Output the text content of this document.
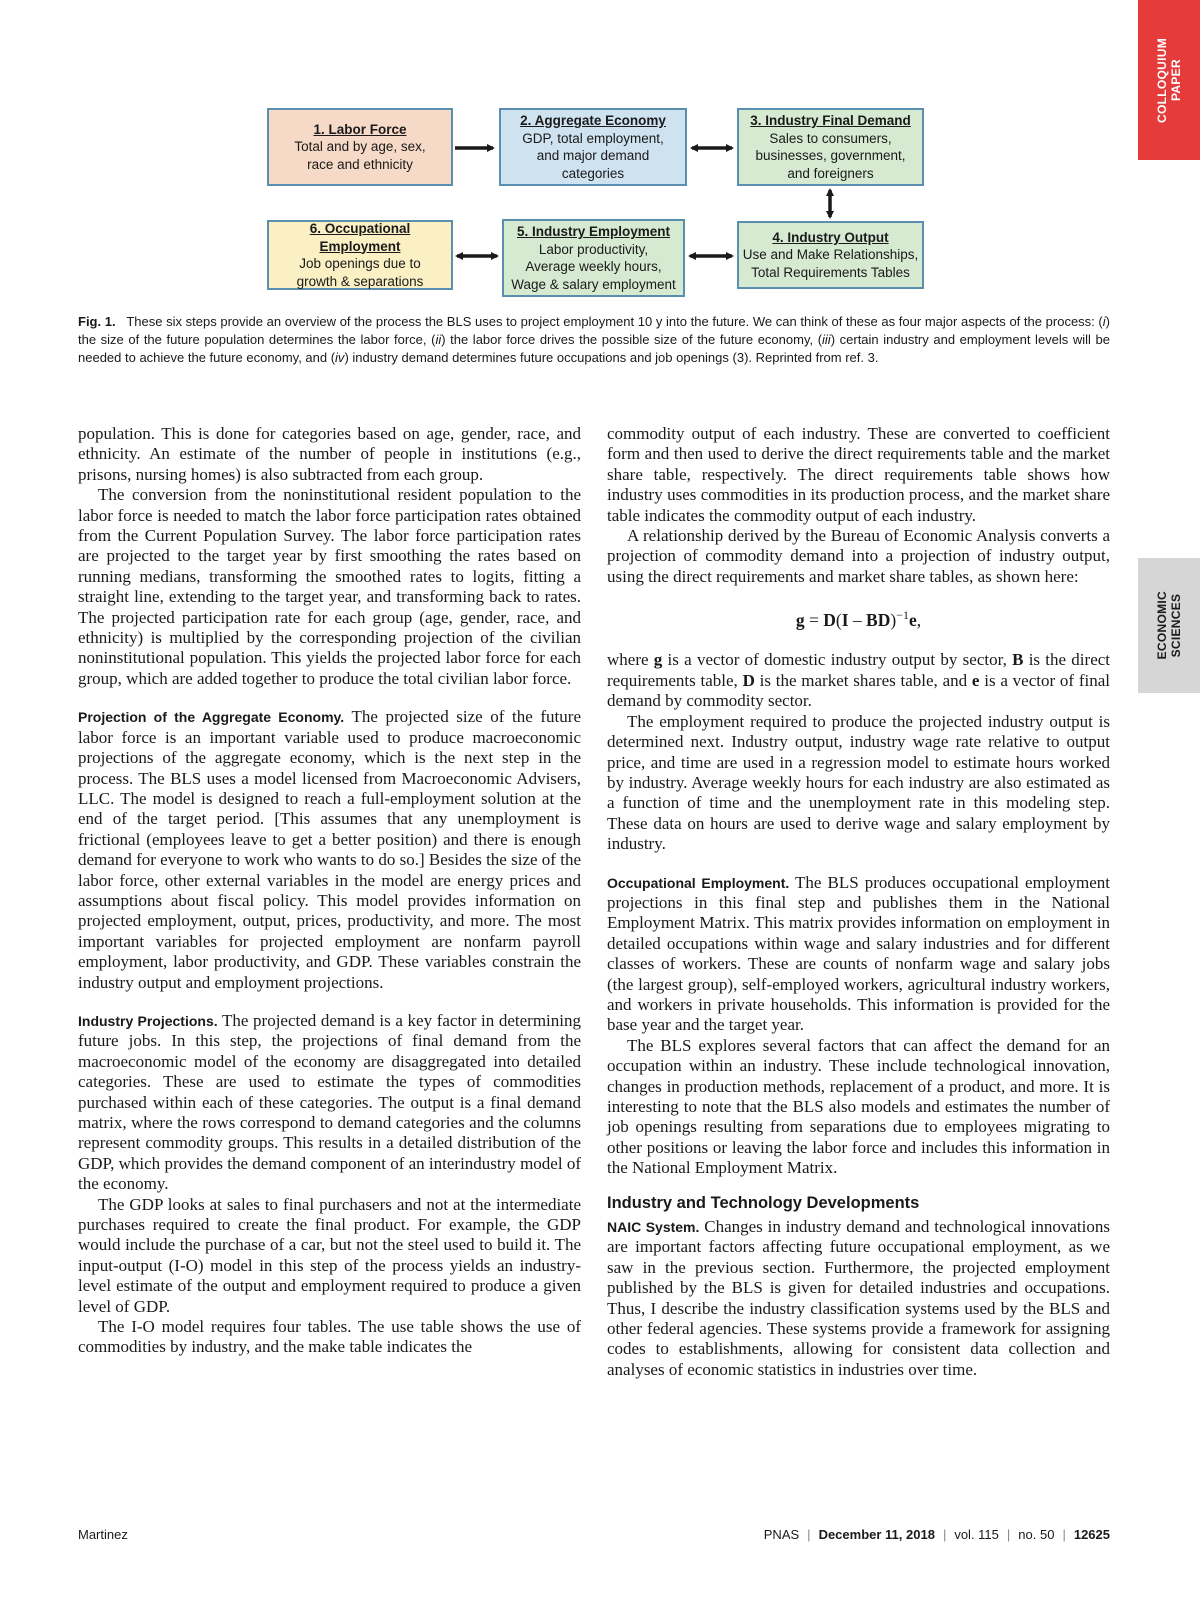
COLLOQUIUM
PAPER
ECONOMIC
SCIENCES
1. Labor Force
Total and by age, sex,
race and ethnicity
2. Aggregate Economy
GDP, total employment,
and major demand
categories
3. Industry Final Demand
Sales to consumers,
businesses, government,
and foreigners
4. Industry Output
Use and Make Relationships,
Total Requirements Tables
5. Industry Employment
Labor productivity,
Average weekly hours,
Wage & salary employment
6. Occupational Employment
Job openings due to
growth & separations
Fig. 1. These six steps provide an overview of the process the BLS uses to project employment 10 y into the future. We can think of these as four major aspects of the process: (i) the size of the future population determines the labor force, (ii) the labor force drives the possible size of the future economy, (iii) certain industry and employment levels will be needed to achieve the future economy, and (iv) industry demand determines future occupations and job openings (3). Reprinted from ref. 3.

population. This is done for categories based on age, gender, race, and ethnicity. An estimate of the number of people in institutions (e.g., prisons, nursing homes) is also subtracted from each group.

The conversion from the noninstitutional resident population to the labor force is needed to match the labor force participation rates obtained from the Current Population Survey. The labor force participation rates are projected to the target year by first smoothing the rates based on running medians, transforming the smoothed rates to logits, fitting a straight line, extending to the target year, and transforming back to rates. The projected participation rate for each group (age, gender, race, and ethnicity) is multiplied by the corresponding projection of the civilian noninstitutional population. This yields the projected labor force for each group, which are added together to produce the total civilian labor force.

Projection of the Aggregate Economy. The projected size of the future labor force is an important variable used to produce macroeconomic projections of the aggregate economy, which is the next step in the process. The BLS uses a model licensed from Macroeconomic Advisers, LLC. The model is designed to reach a full-employment solution at the end of the target period. [This assumes that any unemployment is frictional (employees leave to get a better position) and there is enough demand for everyone to work who wants to do so.] Besides the size of the labor force, other external variables in the model are energy prices and assumptions about fiscal policy. This model provides information on projected employment, output, prices, productivity, and more. The most important variables for projected employment are nonfarm payroll employment, labor productivity, and GDP. These variables constrain the industry output and employment projections.

Industry Projections. The projected demand is a key factor in determining future jobs. In this step, the projections of final demand from the macroeconomic model of the economy are disaggregated into detailed categories. These are used to estimate the types of commodities purchased within each of these categories. The output is a final demand matrix, where the rows correspond to demand categories and the columns represent commodity groups. This results in a detailed distribution of the GDP, which provides the demand component of an interindustry model of the economy.

The GDP looks at sales to final purchasers and not at the intermediate purchases required to create the final product. For example, the GDP would include the purchase of a car, but not the steel used to build it. The input-output (I-O) model in this step of the process yields an industry-level estimate of the output and employment required to produce a given level of GDP.

The I-O model requires four tables. The use table shows the use of commodities by industry, and the make table indicates the

commodity output of each industry. These are converted to coefficient form and then used to derive the direct requirements table and the market share table, respectively. The direct requirements table shows how industry uses commodities in its production process, and the market share table indicates the commodity output of each industry.

A relationship derived by the Bureau of Economic Analysis converts a projection of commodity demand into a projection of industry output, using the direct requirements and market share tables, as shown here:

g = D(I – BD)$^{-1}$e,

where g is a vector of domestic industry output by sector, B is the direct requirements table, D is the market shares table, and e is a vector of final demand by commodity sector.

The employment required to produce the projected industry output is determined next. Industry output, industry wage rate relative to output price, and time are used in a regression model to estimate hours worked by industry. Average weekly hours for each industry are also estimated as a function of time and the unemployment rate in this modeling step. These data on hours are used to derive wage and salary employment by industry.

Occupational Employment. The BLS produces occupational employment projections in this final step and publishes them in the National Employment Matrix. This matrix provides information on employment in detailed occupations within wage and salary industries and for different classes of workers. These are counts of nonfarm wage and salary jobs (the largest group), self-employed workers, agricultural industry workers, and workers in private households. This information is provided for the base year and the target year.

The BLS explores several factors that can affect the demand for an occupation within an industry. These include technological innovation, changes in production methods, replacement of a product, and more. It is interesting to note that the BLS also models and estimates the number of job openings resulting from separations due to employees migrating to other positions or leaving the labor force and includes this information in the National Employment Matrix.

Industry and Technology Developments

NAIC System. Changes in industry demand and technological innovations are important factors affecting future occupational employment, as we saw in the previous section. Furthermore, the projected employment published by the BLS is given for detailed industries and occupations. Thus, I describe the industry classification systems used by the BLS and other federal agencies. These systems provide a framework for assigning codes to establishments, allowing for consistent data collection and analyses of economic statistics in industries over time.

Martinez	PNAS | December 11, 2018 | vol. 115 | no. 50 | 12625
